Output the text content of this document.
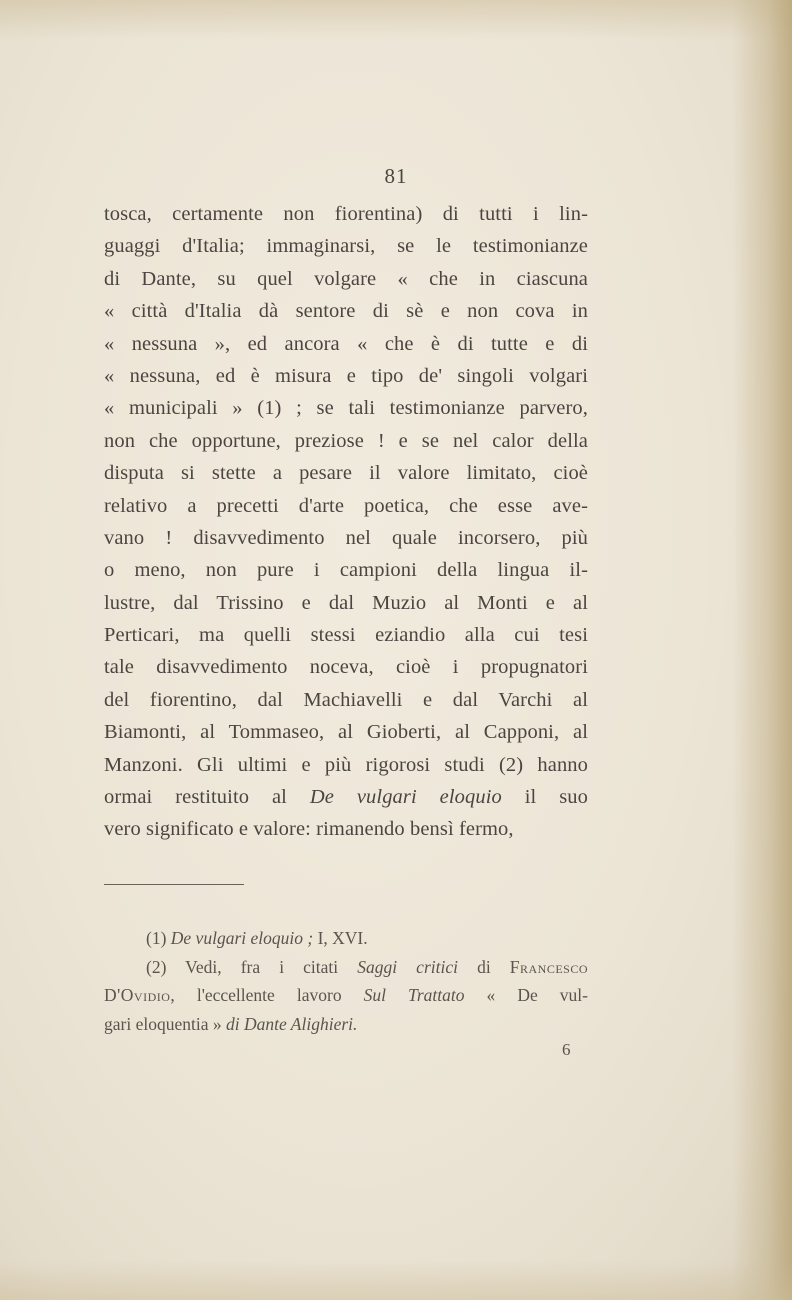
81
tosca, certamente non fiorentina) di tutti i lin-
guaggi d'Italia; immaginarsi, se le testimonianze
di Dante, su quel volgare « che in ciascuna
« città d'Italia dà sentore di sè e non cova in
« nessuna », ed ancora « che è di tutte e di
« nessuna, ed è misura e tipo de' singoli volgari
« municipali » (1) ; se tali testimonianze parvero,
non che opportune, preziose ! e se nel calor della
disputa si stette a pesare il valore limitato, cioè
relativo a precetti d'arte poetica, che esse ave-
vano ! disavvedimento nel quale incorsero, più
o meno, non pure i campioni della lingua il-
lustre, dal Trissino e dal Muzio al Monti e al
Perticari, ma quelli stessi eziandio alla cui tesi
tale disavvedimento noceva, cioè i propugnatori
del fiorentino, dal Machiavelli e dal Varchi al
Biamonti, al Tommaseo, al Gioberti, al Capponi, al
Manzoni. Gli ultimi e più rigorosi studi (2) hanno
ormai restituito al De vulgari eloquio il suo
vero significato e valore: rimanendo bensì fermo,
(1) De vulgari eloquio ; I, XVI.
(2) Vedi, fra i citati Saggi critici di Francesco
D'Ovidio, l'eccellente lavoro Sul Trattato « De vul-
gari eloquentia » di Dante Alighieri.
6
